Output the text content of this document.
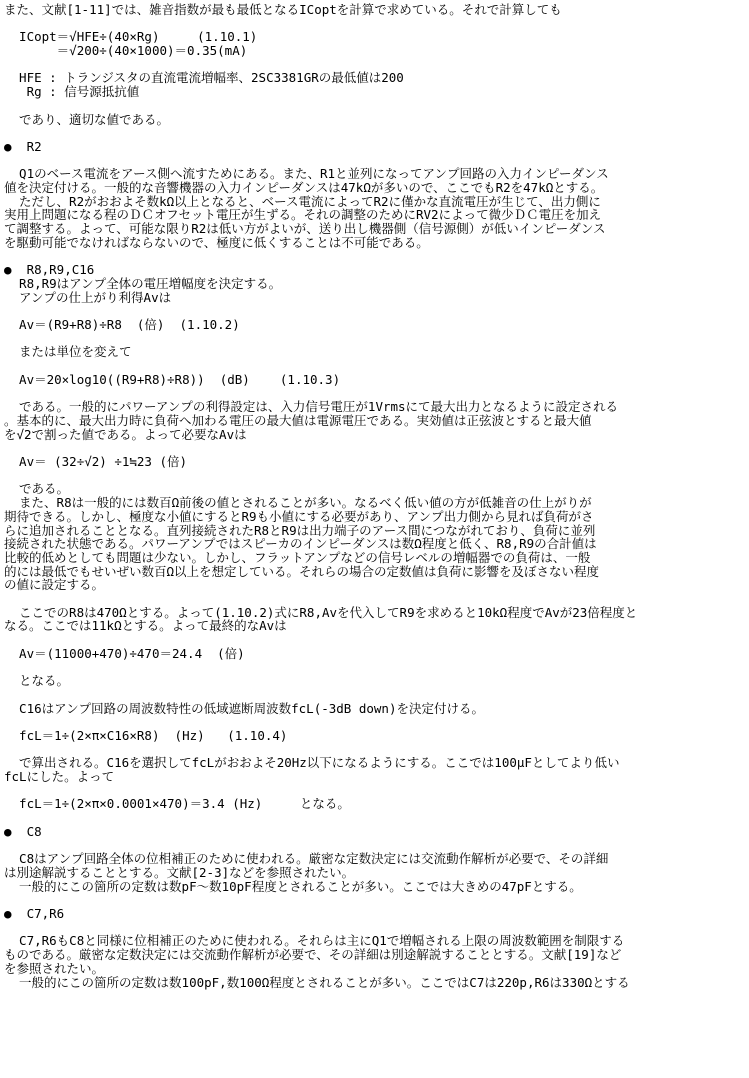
また、文献[1-11]では、雑音指数が最も最低となるICoptを計算で求めている。それで計算しても
ICopt＝√HFE÷(40×Rg)     (1.10.1)
＝√200÷(40×1000)＝0.35(mA)
HFE : トランジスタの直流電流増幅率、2SC3381GRの最低値は200
Rg : 信号源抵抗値
であり、適切な値である。
●  R2
Q1のベース電流をアース側へ流すためにある。また、R1と並列になってアンプ回路の入力インピーダンス
値を決定付ける。一般的な音響機器の入力インピーダンスは47kΩが多いので、ここでもR2を47kΩとする。
ただし、R2がおおよそ数kΩ以上となると、ベース電流によってR2に僅かな直流電圧が生じて、出力側に
実用上問題になる程のＤＣオフセット電圧が生ずる。それの調整のためにRV2によって微少ＤＣ電圧を加え
て調整する。よって、可能な限りR2は低い方がよいが、送り出し機器側（信号源側）が低いインピーダンス
を駆動可能でなければならないので、極度に低くすることは不可能である。
●  R8,R9,C16
R8,R9はアンプ全体の電圧増幅度を決定する。
アンプの仕上がり利得Avは
Av＝(R9+R8)÷R8  (倍)  (1.10.2)
または単位を変えて
Av＝20×log10((R9+R8)÷R8))  (dB)    (1.10.3)
である。一般的にパワーアンプの利得設定は、入力信号電圧が1Vrmsにて最大出力となるように設定される
。基本的に、最大出力時に負荷へ加わる電圧の最大値は電源電圧である。実効値は正弦波とすると最大値
を√2で割った値である。よって必要なAvは
Av＝ (32÷√2) ÷1≒23 (倍)
である。
また、R8は一般的には数百Ω前後の値とされることが多い。なるべく低い値の方が低雑音の仕上がりが
期待できる。しかし、極度な小値にするとR9も小値にする必要があり、アンプ出力側から見れば負荷がさ
らに追加されることとなる。直列接続されたR8とR9は出力端子のアース間につながれており、負荷に並列
接続された状態である。パワーアンプではスピーカのインピーダンスは数Ω程度と低く、R8,R9の合計値は
比較的低めとしても問題は少ない。しかし、フラットアンプなどの信号レベルの増幅器での負荷は、一般
的には最低でもせいぜい数百Ω以上を想定している。それらの場合の定数値は負荷に影響を及ぼさない程度
の値に設定する。
ここでのR8は470Ωとする。よって(1.10.2)式にR8,Avを代入してR9を求めると10kΩ程度でAvが23倍程度と
なる。ここでは11kΩとする。よって最終的なAvは
Av＝(11000+470)÷470＝24.4  (倍)
となる。
C16はアンプ回路の周波数特性の低域遮断周波数fcL(-3dB down)を決定付ける。
fcL＝1÷(2×π×C16×R8)  (Hz)   (1.10.4)
で算出される。C16を選択してfcLがおおよそ20Hz以下になるようにする。ここでは100μFとしてより低い
fcLにした。よって
fcL＝1÷(2×π×0.0001×470)＝3.4 (Hz)     となる。
●  C8
C8はアンプ回路全体の位相補正のために使われる。厳密な定数決定には交流動作解析が必要で、その詳細
は別途解説することとする。文献[2-3]などを参照されたい。
一般的にこの箇所の定数は数pF～数10pF程度とされることが多い。ここでは大きめの47pFとする。
●  C7,R6
C7,R6もC8と同様に位相補正のために使われる。それらは主にQ1で増幅される上限の周波数範囲を制限する
ものである。厳密な定数決定には交流動作解析が必要で、その詳細は別途解説することとする。文献[19]など
を参照されたい。
一般的にこの箇所の定数は数100pF,数100Ω程度とされることが多い。ここではC7は220p,R6は330Ωとする
